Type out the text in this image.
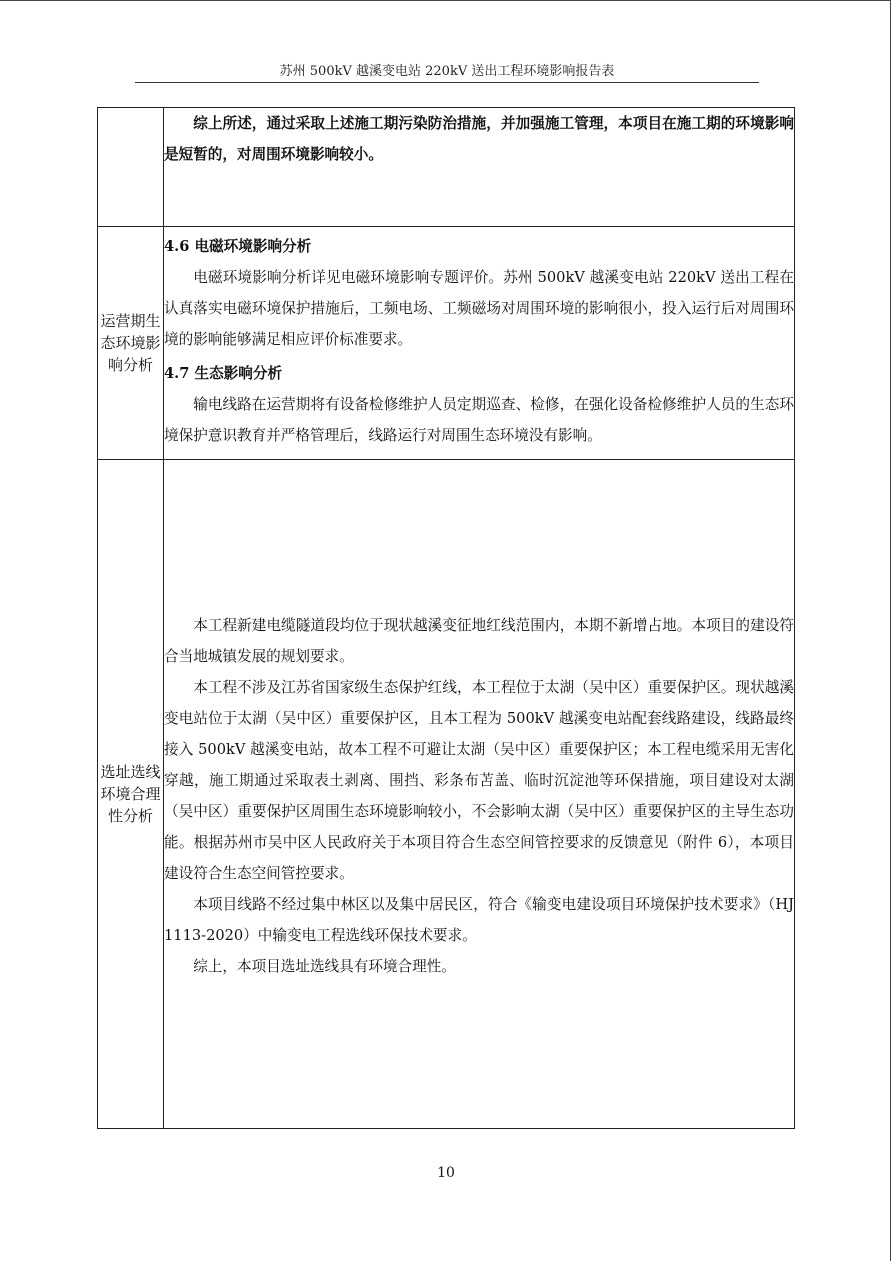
苏州 500kV 越溪变电站 220kV 送出工程环境影响报告表

	综上所述，通过采取上述施工期污染防治措施，并加强施工管理，本项目在施工期的环境影响是短暂的，对周围环境影响较小。

运营期生态环境影响分析	4.6 电磁环境影响分析

电磁环境影响分析详见电磁环境影响专题评价。苏州 500kV 越溪变电站 220kV 送出工程在认真落实电磁环境保护措施后，工频电场、工频磁场对周围环境的影响很小，投入运行后对周围环境的影响能够满足相应评价标准要求。

4.7 生态影响分析

输电线路在运营期将有设备检修维护人员定期巡查、检修，在强化设备检修维护人员的生态环境保护意识教育并严格管理后，线路运行对周围生态环境没有影响。

选址选线环境合理性分析	本工程新建电缆隧道段均位于现状越溪变征地红线范围内，本期不新增占地。本项目的建设符合当地城镇发展的规划要求。

本工程不涉及江苏省国家级生态保护红线，本工程位于太湖（吴中区）重要保护区。现状越溪变电站位于太湖（吴中区）重要保护区，且本工程为 500kV 越溪变电站配套线路建设，线路最终接入 500kV 越溪变电站，故本工程不可避让太湖（吴中区）重要保护区；本工程电缆采用无害化穿越，施工期通过采取表土剥离、围挡、彩条布苫盖、临时沉淀池等环保措施，项目建设对太湖（吴中区）重要保护区周围生态环境影响较小，不会影响太湖（吴中区）重要保护区的主导生态功能。根据苏州市吴中区人民政府关于本项目符合生态空间管控要求的反馈意见（附件 6），本项目建设符合生态空间管控要求。

本项目线路不经过集中林区以及集中居民区，符合《输变电建设项目环境保护技术要求》（HJ 1113-2020）中输变电工程选线环保技术要求。

综上，本项目选址选线具有环境合理性。

10
